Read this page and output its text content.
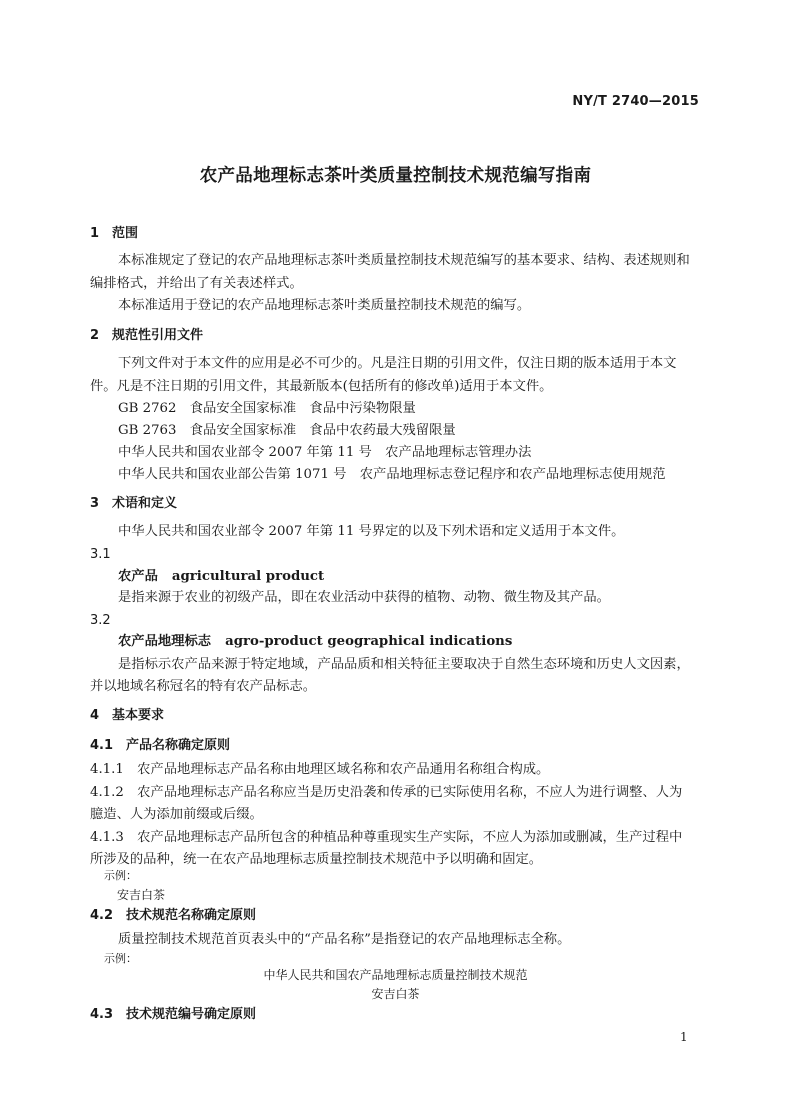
NY/T 2740—2015
农产品地理标志茶叶类质量控制技术规范编写指南
1　范围
本标准规定了登记的农产品地理标志茶叶类质量控制技术规范编写的基本要求、结构、表述规则和
编排格式，并给出了有关表述样式。
本标准适用于登记的农产品地理标志茶叶类质量控制技术规范的编写。
2　规范性引用文件
下列文件对于本文件的应用是必不可少的。凡是注日期的引用文件，仅注日期的版本适用于本文
件。凡是不注日期的引用文件，其最新版本(包括所有的修改单)适用于本文件。
GB 2762　食品安全国家标准　食品中污染物限量
GB 2763　食品安全国家标准　食品中农药最大残留限量
中华人民共和国农业部令 2007 年第 11 号　农产品地理标志管理办法
中华人民共和国农业部公告第 1071 号　农产品地理标志登记程序和农产品地理标志使用规范
3　术语和定义
中华人民共和国农业部令 2007 年第 11 号界定的以及下列术语和定义适用于本文件。
3.1
农产品 agricultural product
是指来源于农业的初级产品，即在农业活动中获得的植物、动物、微生物及其产品。
3.2
农产品地理标志 agro-product geographical indications
是指标示农产品来源于特定地域，产品品质和相关特征主要取决于自然生态环境和历史人文因素，
并以地域名称冠名的特有农产品标志。
4　基本要求
4.1　产品名称确定原则
4.1.1　农产品地理标志产品名称由地理区域名称和农产品通用名称组合构成。
4.1.2　农产品地理标志产品名称应当是历史沿袭和传承的已实际使用名称，不应人为进行调整、人为
臆造、人为添加前缀或后缀。
4.1.3　农产品地理标志产品所包含的种植品种尊重现实生产实际，不应人为添加或删减，生产过程中
所涉及的品种，统一在农产品地理标志质量控制技术规范中予以明确和固定。
示例：
安吉白茶
4.2　技术规范名称确定原则
质量控制技术规范首页表头中的“产品名称”是指登记的农产品地理标志全称。
示例：
中华人民共和国农产品地理标志质量控制技术规范
安吉白茶
4.3　技术规范编号确定原则
1
